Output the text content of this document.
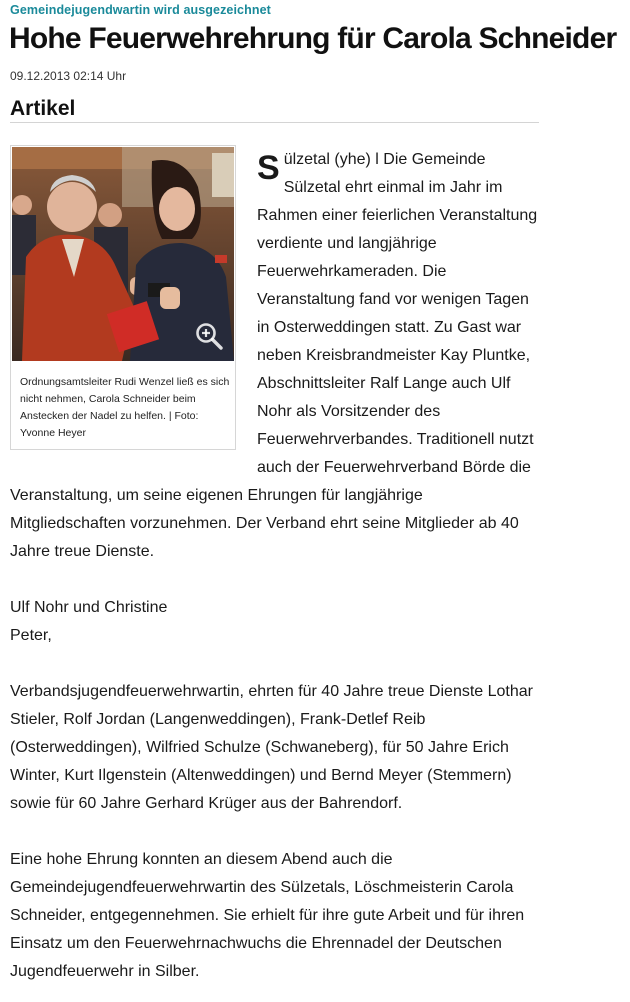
Gemeindejugendwartin wird ausgezeichnet
Hohe Feuerwehrehrung für Carola Schneider
09.12.2013 02:14 Uhr
Artikel
Ordnungsamtsleiter Rudi Wenzel ließ es sich nicht nehmen, Carola Schneider beim Anstecken der Nadel zu helfen. | Foto: Yvonne Heyer

Sülzetal (yhe) l Die Gemeinde Sülzetal ehrt einmal im Jahr im Rahmen einer feierlichen Veranstaltung verdiente und langjährige Feuerwehrkameraden. Die Veranstaltung fand vor wenigen Tagen in Osterweddingen statt. Zu Gast war neben Kreisbrandmeister Kay Pluntke, Abschnittsleiter Ralf Lange auch Ulf Nohr als Vorsitzender des Feuerwehrverbandes. Traditionell nutzt auch der Feuerwehrverband Börde die Veranstaltung, um seine eigenen Ehrungen für langjährige Mitgliedschaften vorzunehmen. Der Verband ehrt seine Mitglieder ab 40 Jahre treue Dienste.

Ulf Nohr und Christine
Peter,

Verbandsjugendfeuerwehrwartin, ehrten für 40 Jahre treue Dienste Lothar Stieler, Rolf Jordan (Langenweddingen), Frank-Detlef Reib (Osterweddingen), Wilfried Schulze (Schwaneberg), für 50 Jahre Erich Winter, Kurt Ilgenstein (Altenweddingen) und Bernd Meyer (Stemmern) sowie für 60 Jahre Gerhard Krüger aus der Bahrendorf.

Eine hohe Ehrung konnten an diesem Abend auch die Gemeindejugendfeuerwehrwartin des Sülzetals, Löschmeisterin Carola Schneider, entgegennehmen. Sie erhielt für ihre gute Arbeit und für ihren Einsatz um den Feuerwehrnachwuchs die Ehrennadel der Deutschen Jugendfeuerwehr in Silber.
